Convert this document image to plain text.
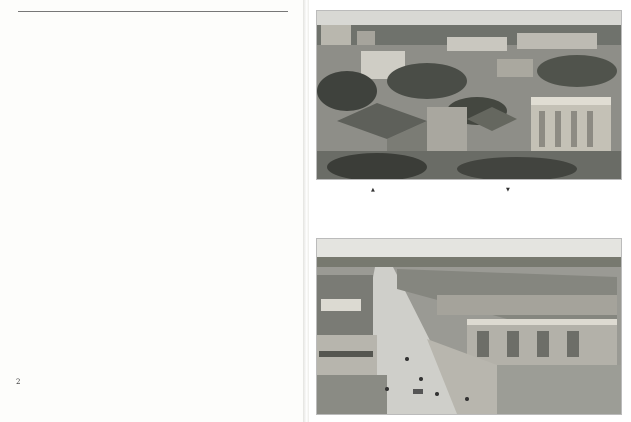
2
▲	▼
